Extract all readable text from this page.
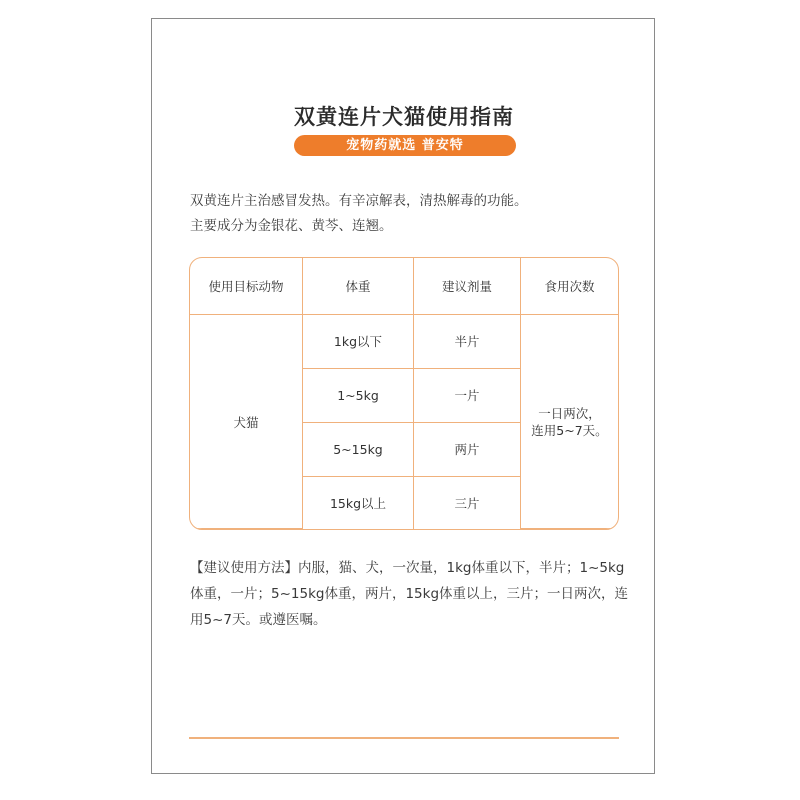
双黄连片犬猫使用指南
宠物药就选 普安特

双黄连片主治感冒发热。有辛凉解表，清热解毒的功能。

主要成分为金银花、黄芩、连翘。

使用目标动物	体重	建议剂量	食用次数
犬猫	1kg以下	半片	一日两次，
连用5~7天。
	1~5kg	一片	
	5~15kg	两片	
	15kg以上	三片	

【建议使用方法】内服，猫、犬，一次量，1kg体重以下，半片；1~5kg

体重，一片；5~15kg体重，两片，15kg体重以上，三片；一日两次，连

用5~7天。或遵医嘱。
